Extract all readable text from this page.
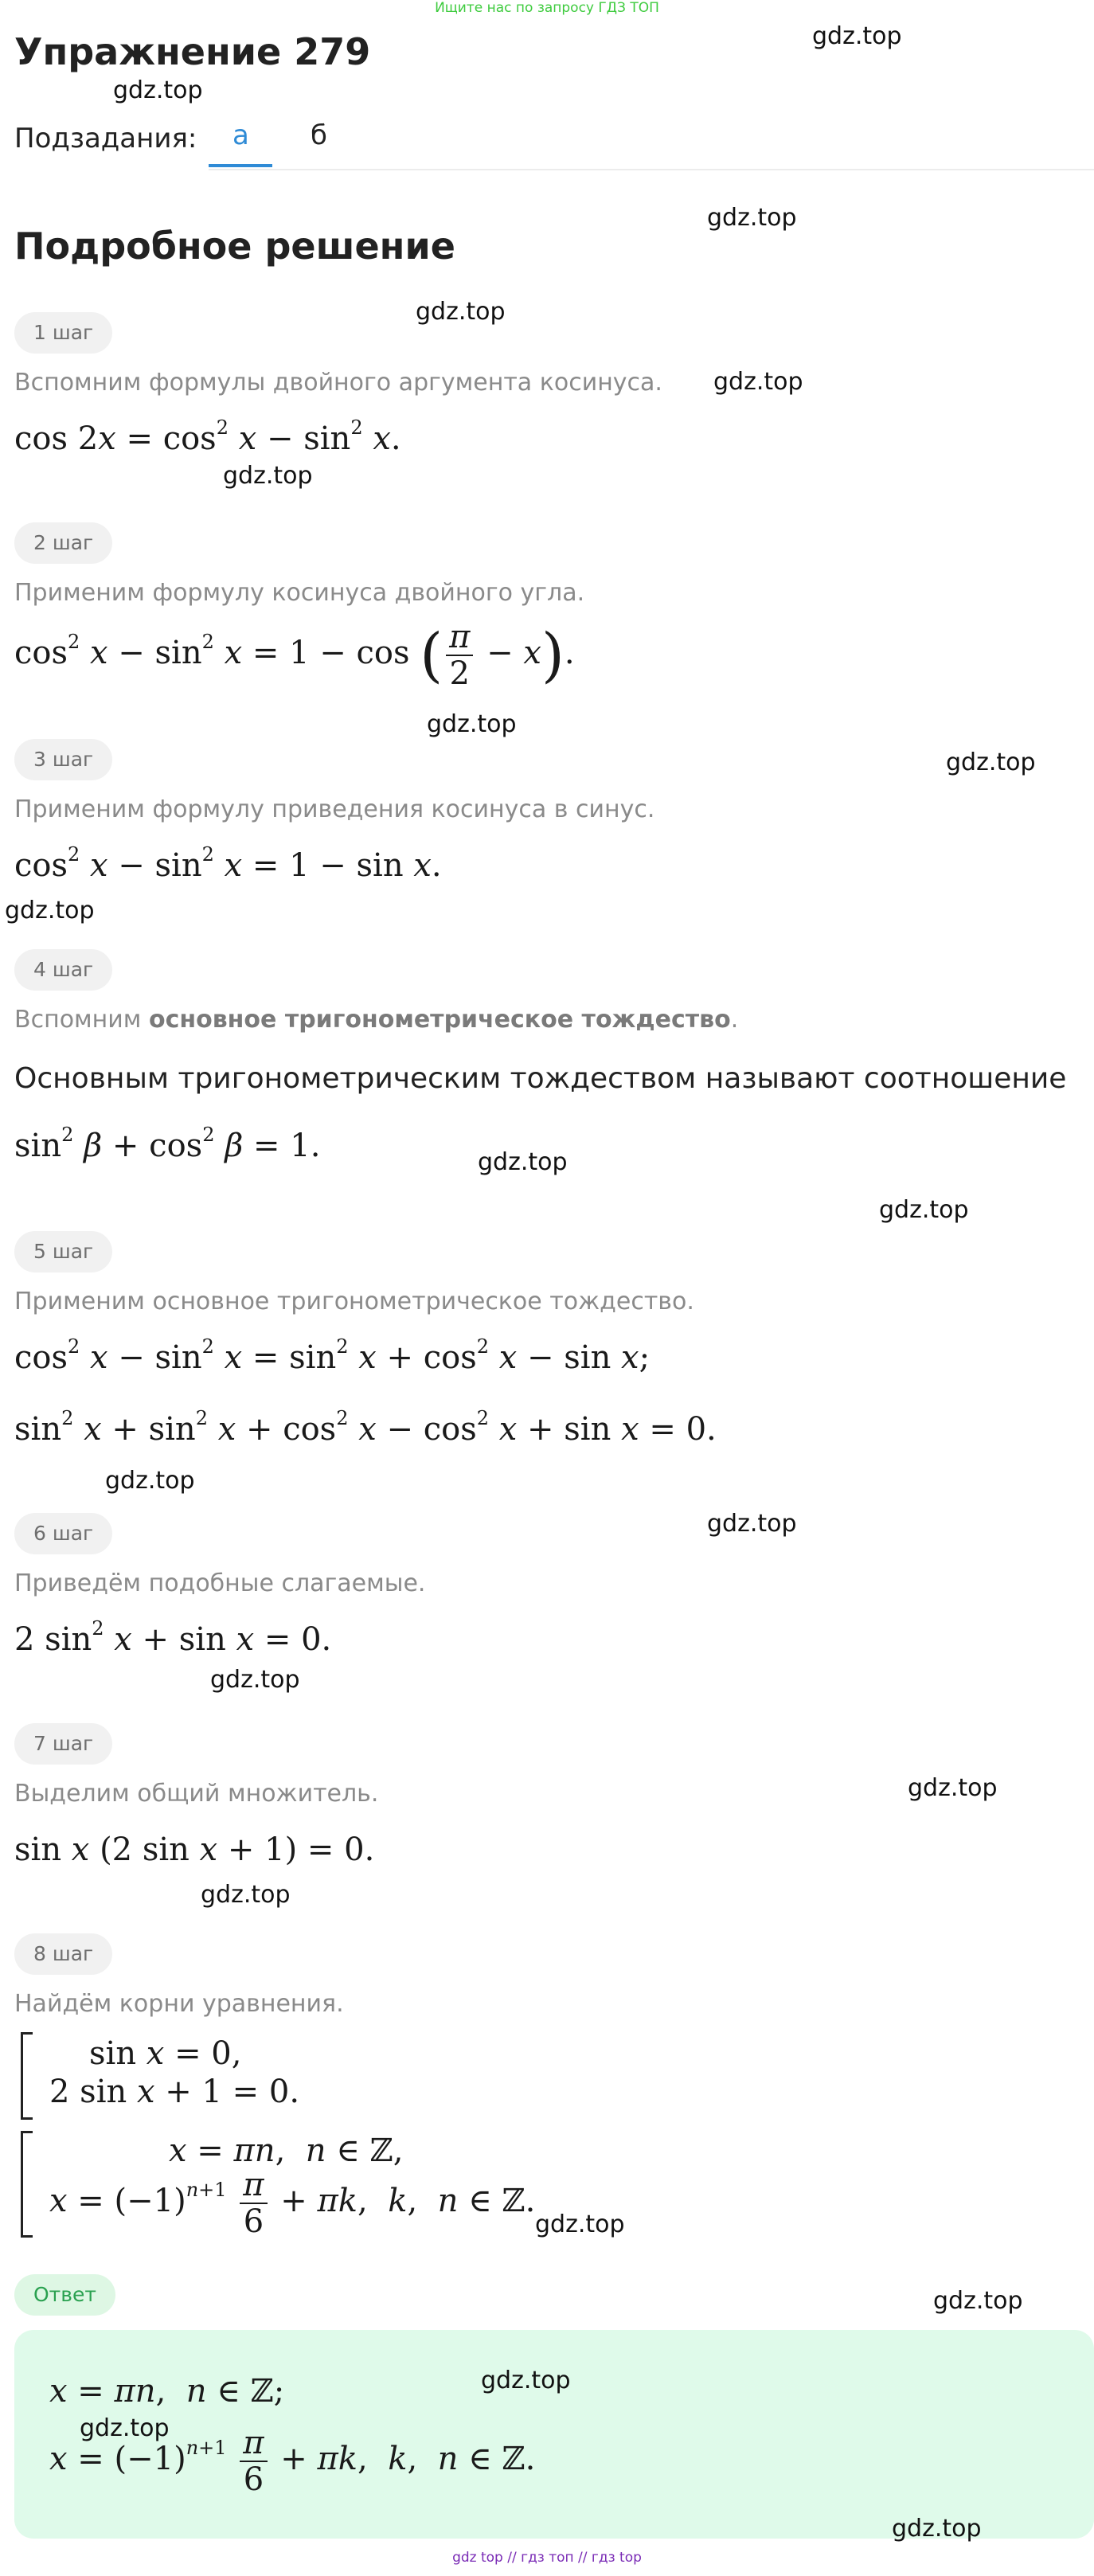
Ищите нас по запросу ГДЗ ТОП
Упражнение 279
Подзадания: а б
Подробное решение
1 шаг
Вспомним формулы двойного аргумента косинуса.
$\cos 2x = \cos^2 x - \sin^2 x$.
2 шаг
Применим формулу косинуса двойного угла.
$\cos^2 x - \sin^2 x = 1 - \cos$ ( $\frac{\pi}{2} - x$).
3 шаг
Применим формулу приведения косинуса в синус.
$\cos^2 x - \sin^2 x = 1 - \sin x$.
4 шаг
Вспомним основное тригонометрическое тождество.
Основным тригонометрическим тождеством называют соотношение
$\sin^2 \beta + \cos^2 \beta = 1$.
5 шаг
Применим основное тригонометрическое тождество.
$\cos^2 x - \sin^2 x = \sin^2 x + \cos^2 x - \sin x$;
$\sin^2 x + \sin^2 x + \cos^2 x - \cos^2 x + \sin x = 0$.
6 шаг
Приведём подобные слагаемые.
2 $\sin^2 x + \sin x = 0$.
7 шаг
Выделим общий множитель.
sin x (2 sin x + 1) = 0.
8 шаг
Найдём корни уравнения.
sin x = 0,
2 sin x + 1 = 0.
x = πn,  n ∈ ℤ,
$x = (-1)^{n+1} \frac{\pi}{6} + \pi k$,  k,  n ∈ ℤ.
Ответ
x = πn,  n ∈ ℤ;
$x = (-1)^{n+1} \frac{\pi}{6} + \pi k$,  k,  n ∈ ℤ.
gdz.top
gdz.top
gdz.top
gdz.top
gdz.top
gdz.top
gdz.top
gdz.top
gdz.top
gdz.top
gdz.top
gdz.top
gdz.top
gdz.top
gdz.top
gdz.top
gdz.top
gdz.top
gdz.top
gdz.top
gdz.top
gdz top // гдз топ // гдз top
